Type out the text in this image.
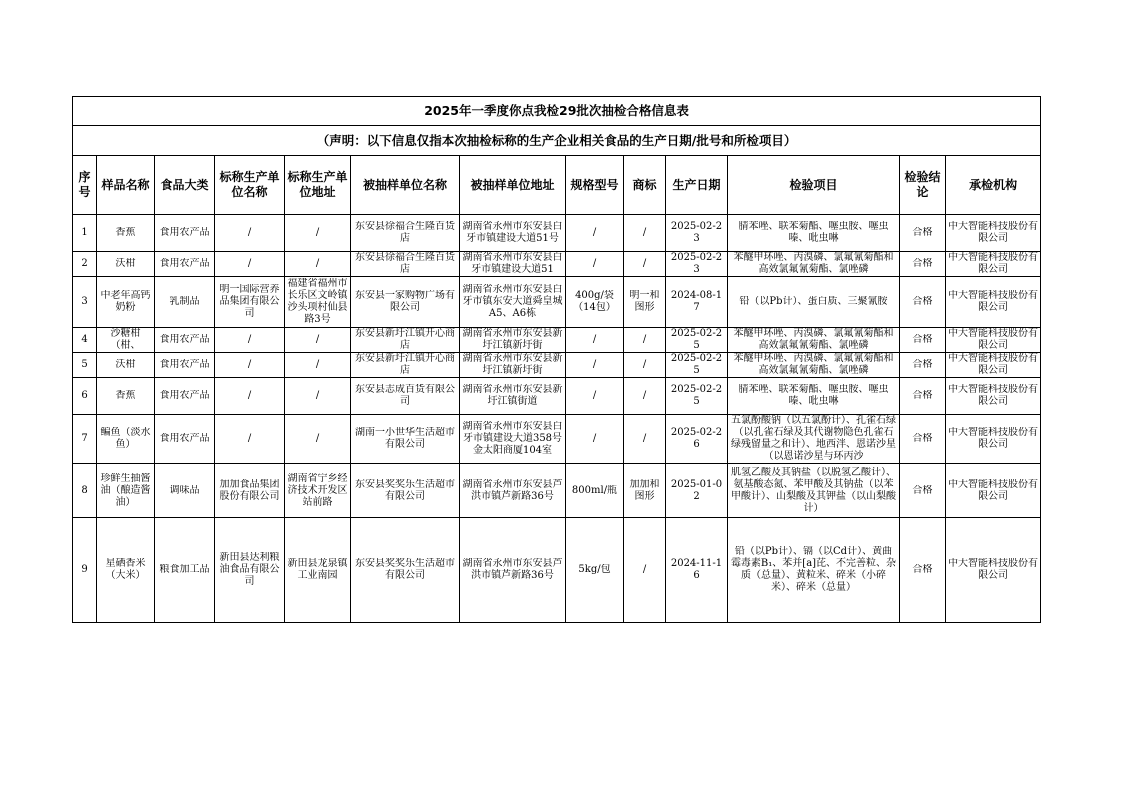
2025年一季度你点我检29批次抽检合格信息表												
（声明：以下信息仅指本次抽检标称的生产企业相关食品的生产日期/批号和所检项目）												
序号	样品名称	食品大类	标称生产单位名称	标称生产单位地址	被抽样单位名称	被抽样单位地址	规格型号	商标	生产日期	检验项目	检验结论	承检机构

1	香蕉	食用农产品	/	/	东安县徐福合生隆百货店	湖南省永州市东安县白牙市镇建设大道51号	/	/	2025-02-23	腈苯唑、联苯菊酯、噻虫胺、噻虫嗪、吡虫啉	合格	中大智能科技股份有限公司

2	沃柑	食用农产品	/	/	东安县徐福合生隆百货店	湖南省永州市东安县白牙市镇建设大道51	/	/	2025-02-23	苯醚甲环唑、丙溴磷、氯氟氰菊酯和高效氯氟氰菊酯、氯唑磷	合格	中大智能科技股份有限公司

3	中老年高钙奶粉	乳制品	明一国际营养品集团有限公司	福建省福州市长乐区文岭镇沙头项村仙县路3号	东安县一家购物广场有限公司	湖南省永州市东安县白牙市镇东安大道舜皇城A5、A6栋	400g/袋（14包）	明一和图形	2024-08-17	铅（以Pb计）、蛋白质、三聚氰胺	合格	中大智能科技股份有限公司

4	沙糖柑（柑、	食用农产品	/	/	东安县新圩江镇开心商店	湖南省永州市东安县新圩江镇新圩街	/	/	2025-02-25	苯醚甲环唑、丙溴磷、氯氟氰菊酯和高效氯氟氰菊酯、氯唑磷	合格	中大智能科技股份有限公司

5	沃柑	食用农产品	/	/	东安县新圩江镇开心商店	湖南省永州市东安县新圩江镇新圩街	/	/	2025-02-25	苯醚甲环唑、丙溴磷、氯氟氰菊酯和高效氯氟氰菊酯、氯唑磷	合格	中大智能科技股份有限公司

6	香蕉	食用农产品	/	/	东安县志成百货有限公司	湖南省永州市东安县新圩江镇街道	/	/	2025-02-25	腈苯唑、联苯菊酯、噻虫胺、噻虫嗪、吡虫啉	合格	中大智能科技股份有限公司

7	鳊鱼（淡水鱼）	食用农产品	/	/	湖南一小世华生活超市有限公司	湖南省永州市东安县白牙市镇建设大道358号金太阳商厦104室	/	/	2025-02-26	五氯酚酸钠（以五氯酚计）、孔雀石绿（以孔雀石绿及其代谢物隐色孔雀石绿残留量之和计）、地西泮、恩诺沙星（以恩诺沙星与环丙沙	合格	中大智能科技股份有限公司

8	珍鲜生抽酱油（酿造酱油）	调味品	加加食品集团股份有限公司	湖南省宁乡经济技术开发区站前路	东安县奖奖乐生活超市有限公司	湖南省永州市东安县芦洪市镇芦新路36号	800ml/瓶	加加和图形	2025-01-02	肌氢乙酸及其钠盐（以脱氢乙酸计）、氨基酸态氮、苯甲酸及其钠盐（以苯甲酸计）、山梨酸及其钾盐（以山梨酸计）	合格	中大智能科技股份有限公司

9	星硒香米（大米）	粮食加工品	新田县达利粮油食品有限公司	新田县龙泉镇工业南园	东安县奖奖乐生活超市有限公司	湖南省永州市东安县芦洪市镇芦新路36号	5kg/包	/	2024-11-16	铅（以Pb计）、镉（以Cd计）、黄曲霉毒素B₁、苯并[a]芘、不完善粒、杂质（总量）、黄粒米、碎米（小碎米）、碎米（总量）	合格	中大智能科技股份有限公司
